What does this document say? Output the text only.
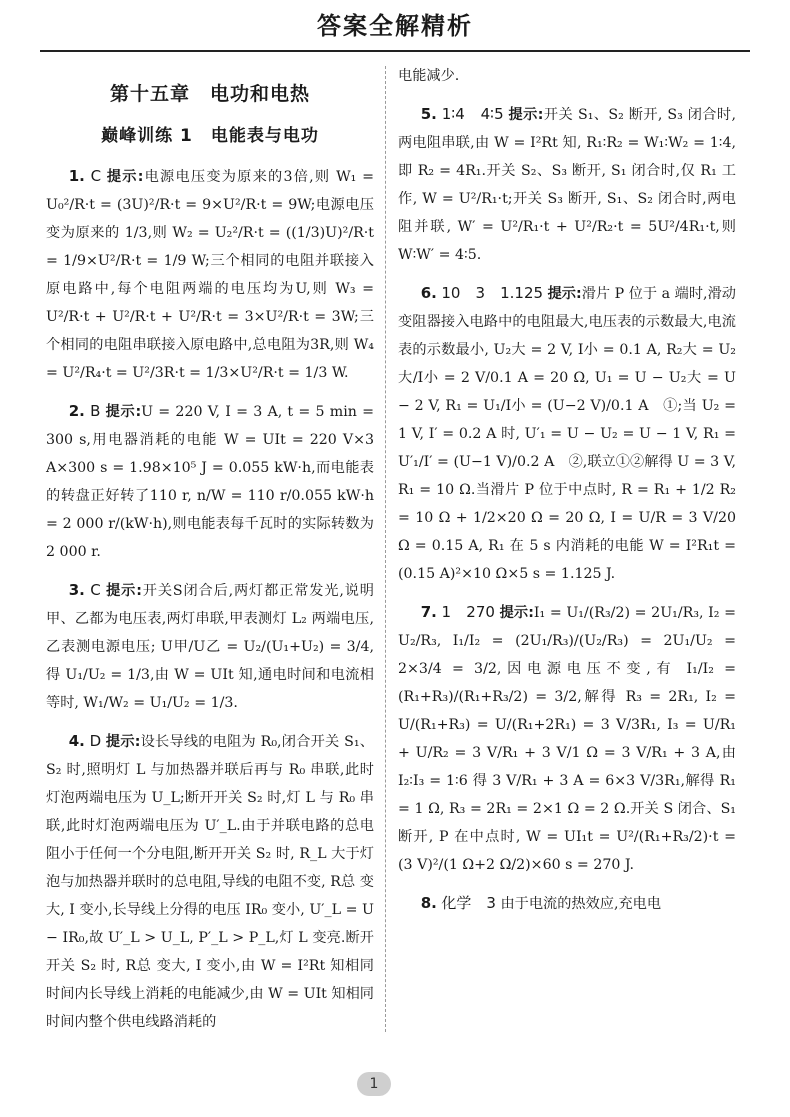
答案全解精析
第十五章　电功和电热
巅峰训练 1　电能表与电功

1. C 提示:电源电压变为原来的3倍,则 W₁ = U₀²/R·t = (3U)²/R·t = 9×U²/R·t = 9W;电源电压变为原来的 1/3,则 W₂ = U₂²/R·t = ((1/3)U)²/R·t = 1/9×U²/R·t = 1/9 W;三个相同的电阻并联接入原电路中,每个电阻两端的电压均为U,则 W₃ = U²/R·t + U²/R·t + U²/R·t = 3×U²/R·t = 3W;三个相同的电阻串联接入原电路中,总电阻为3R,则 W₄ = U²/R₄·t = U²/3R·t = 1/3×U²/R·t = 1/3 W.

2. B 提示:U = 220 V, I = 3 A, t = 5 min = 300 s,用电器消耗的电能 W = UIt = 220 V×3 A×300 s = 1.98×10⁵ J = 0.055 kW·h,而电能表的转盘正好转了110 r, n/W = 110 r/0.055 kW·h = 2 000 r/(kW·h),则电能表每千瓦时的实际转数为2 000 r.

3. C 提示:开关S闭合后,两灯都正常发光,说明甲、乙都为电压表,两灯串联,甲表测灯 L₂ 两端电压,乙表测电源电压; U甲/U乙 = U₂/(U₁+U₂) = 3/4,得 U₁/U₂ = 1/3,由 W = UIt 知,通电时间和电流相等时, W₁/W₂ = U₁/U₂ = 1/3.

4. D 提示:设长导线的电阻为 R₀,闭合开关 S₁、S₂ 时,照明灯 L 与加热器并联后再与 R₀ 串联,此时灯泡两端电压为 U_L;断开开关 S₂ 时,灯 L 与 R₀ 串联,此时灯泡两端电压为 U′_L.由于并联电路的总电阻小于任何一个分电阻,断开开关 S₂ 时, R_L 大于灯泡与加热器并联时的总电阻,导线的电阻不变, R总 变大, I 变小,长导线上分得的电压 IR₀ 变小, U′_L = U − IR₀,故 U′_L > U_L, P′_L > P_L,灯 L 变亮.断开开关 S₂ 时, R总 变大, I 变小,由 W = I²Rt 知相同时间内长导线上消耗的电能减少,由 W = UIt 知相同时间内整个供电线路消耗的

电能减少.

5. 1∶4　4∶5 提示:开关 S₁、S₂ 断开, S₃ 闭合时,两电阻串联,由 W = I²Rt 知, R₁∶R₂ = W₁∶W₂ = 1∶4,即 R₂ = 4R₁.开关 S₂、S₃ 断开, S₁ 闭合时,仅 R₁ 工作, W = U²/R₁·t;开关 S₃ 断开, S₁、S₂ 闭合时,两电阻并联, W′ = U²/R₁·t + U²/R₂·t = 5U²/4R₁·t,则 W∶W′ = 4∶5.

6. 10　3　1.125 提示:滑片 P 位于 a 端时,滑动变阻器接入电路中的电阻最大,电压表的示数最大,电流表的示数最小, U₂大 = 2 V, I小 = 0.1 A, R₂大 = U₂大/I小 = 2 V/0.1 A = 20 Ω, U₁ = U − U₂大 = U − 2 V, R₁ = U₁/I小 = (U−2 V)/0.1 A　①;当 U₂ = 1 V, I′ = 0.2 A 时, U′₁ = U − U₂ = U − 1 V, R₁ = U′₁/I′ = (U−1 V)/0.2 A　②,联立①②解得 U = 3 V, R₁ = 10 Ω.当滑片 P 位于中点时, R = R₁ + 1/2 R₂ = 10 Ω + 1/2×20 Ω = 20 Ω, I = U/R = 3 V/20 Ω = 0.15 A, R₁ 在 5 s 内消耗的电能 W = I²R₁t = (0.15 A)²×10 Ω×5 s = 1.125 J.

7. 1　270 提示:I₁ = U₁/(R₃/2) = 2U₁/R₃, I₂ = U₂/R₃, I₁/I₂ = (2U₁/R₃)/(U₂/R₃) = 2U₁/U₂ = 2×3/4 = 3/2,因电源电压不变,有 I₁/I₂ = (R₁+R₃)/(R₁+R₃/2) = 3/2,解得 R₃ = 2R₁, I₂ = U/(R₁+R₃) = U/(R₁+2R₁) = 3 V/3R₁, I₃ = U/R₁ + U/R₂ = 3 V/R₁ + 3 V/1 Ω = 3 V/R₁ + 3 A,由 I₂∶I₃ = 1∶6 得 3 V/R₁ + 3 A = 6×3 V/3R₁,解得 R₁ = 1 Ω, R₃ = 2R₁ = 2×1 Ω = 2 Ω.开关 S 闭合、S₁ 断开, P 在中点时, W = UI₁t = U²/(R₁+R₃/2)·t = (3 V)²/(1 Ω+2 Ω/2)×60 s = 270 J.

8. 化学　3 由于电流的热效应,充电电

1
